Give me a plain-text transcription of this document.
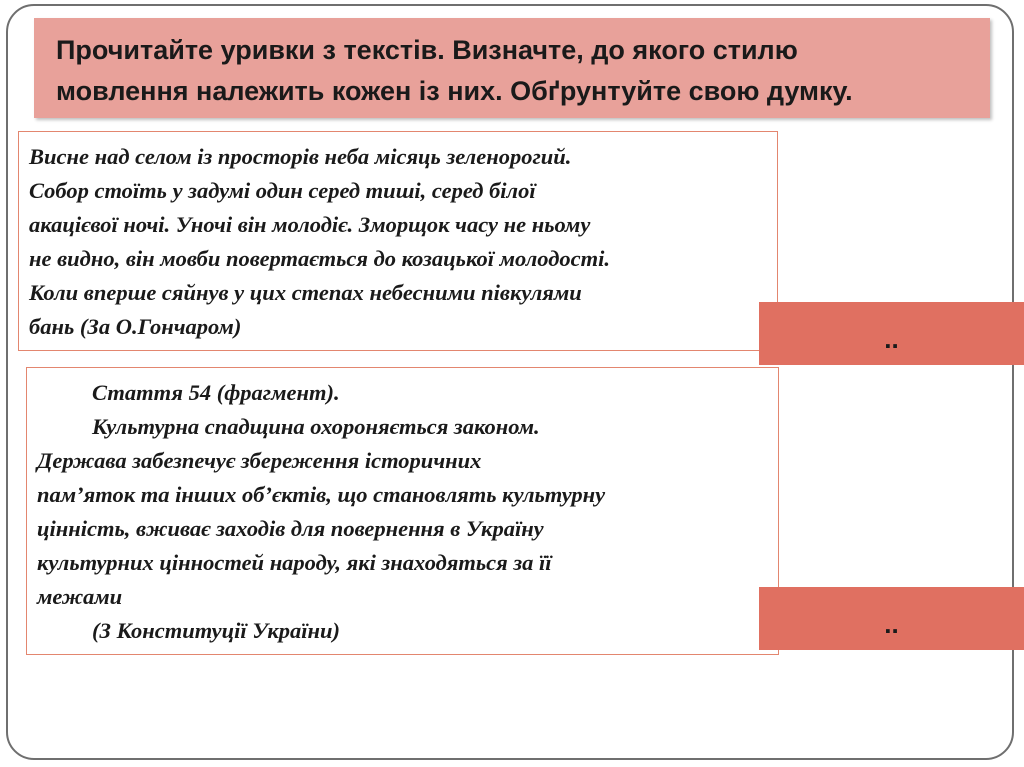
Прочитайте уривки з текстів. Визначте, до якого стилю
мовлення належить кожен із них. Обґрунтуйте свою думку.

Висне над селом із просторів неба місяць зеленорогий.

Собор стоїть у задумі один серед тиші, серед білої

акацієвої ночі. Уночі він молодіє. Зморщок часу не ньому

не видно, він мовби повертається до козацької молодості.

Коли вперше сяйнув у цих степах небесними півкулями

бань (За О.Гончаром)	..

Стаття 54 (фрагмент).

Культурна спадщина охороняється законом.

Держава забезпечує збереження історичних

пам’яток та інших об’єктів, що становлять культурну

цінність, вживає заходів для повернення в Україну

культурних цінностей народу, які знаходяться за її

межами

(З Конституції України)	..
